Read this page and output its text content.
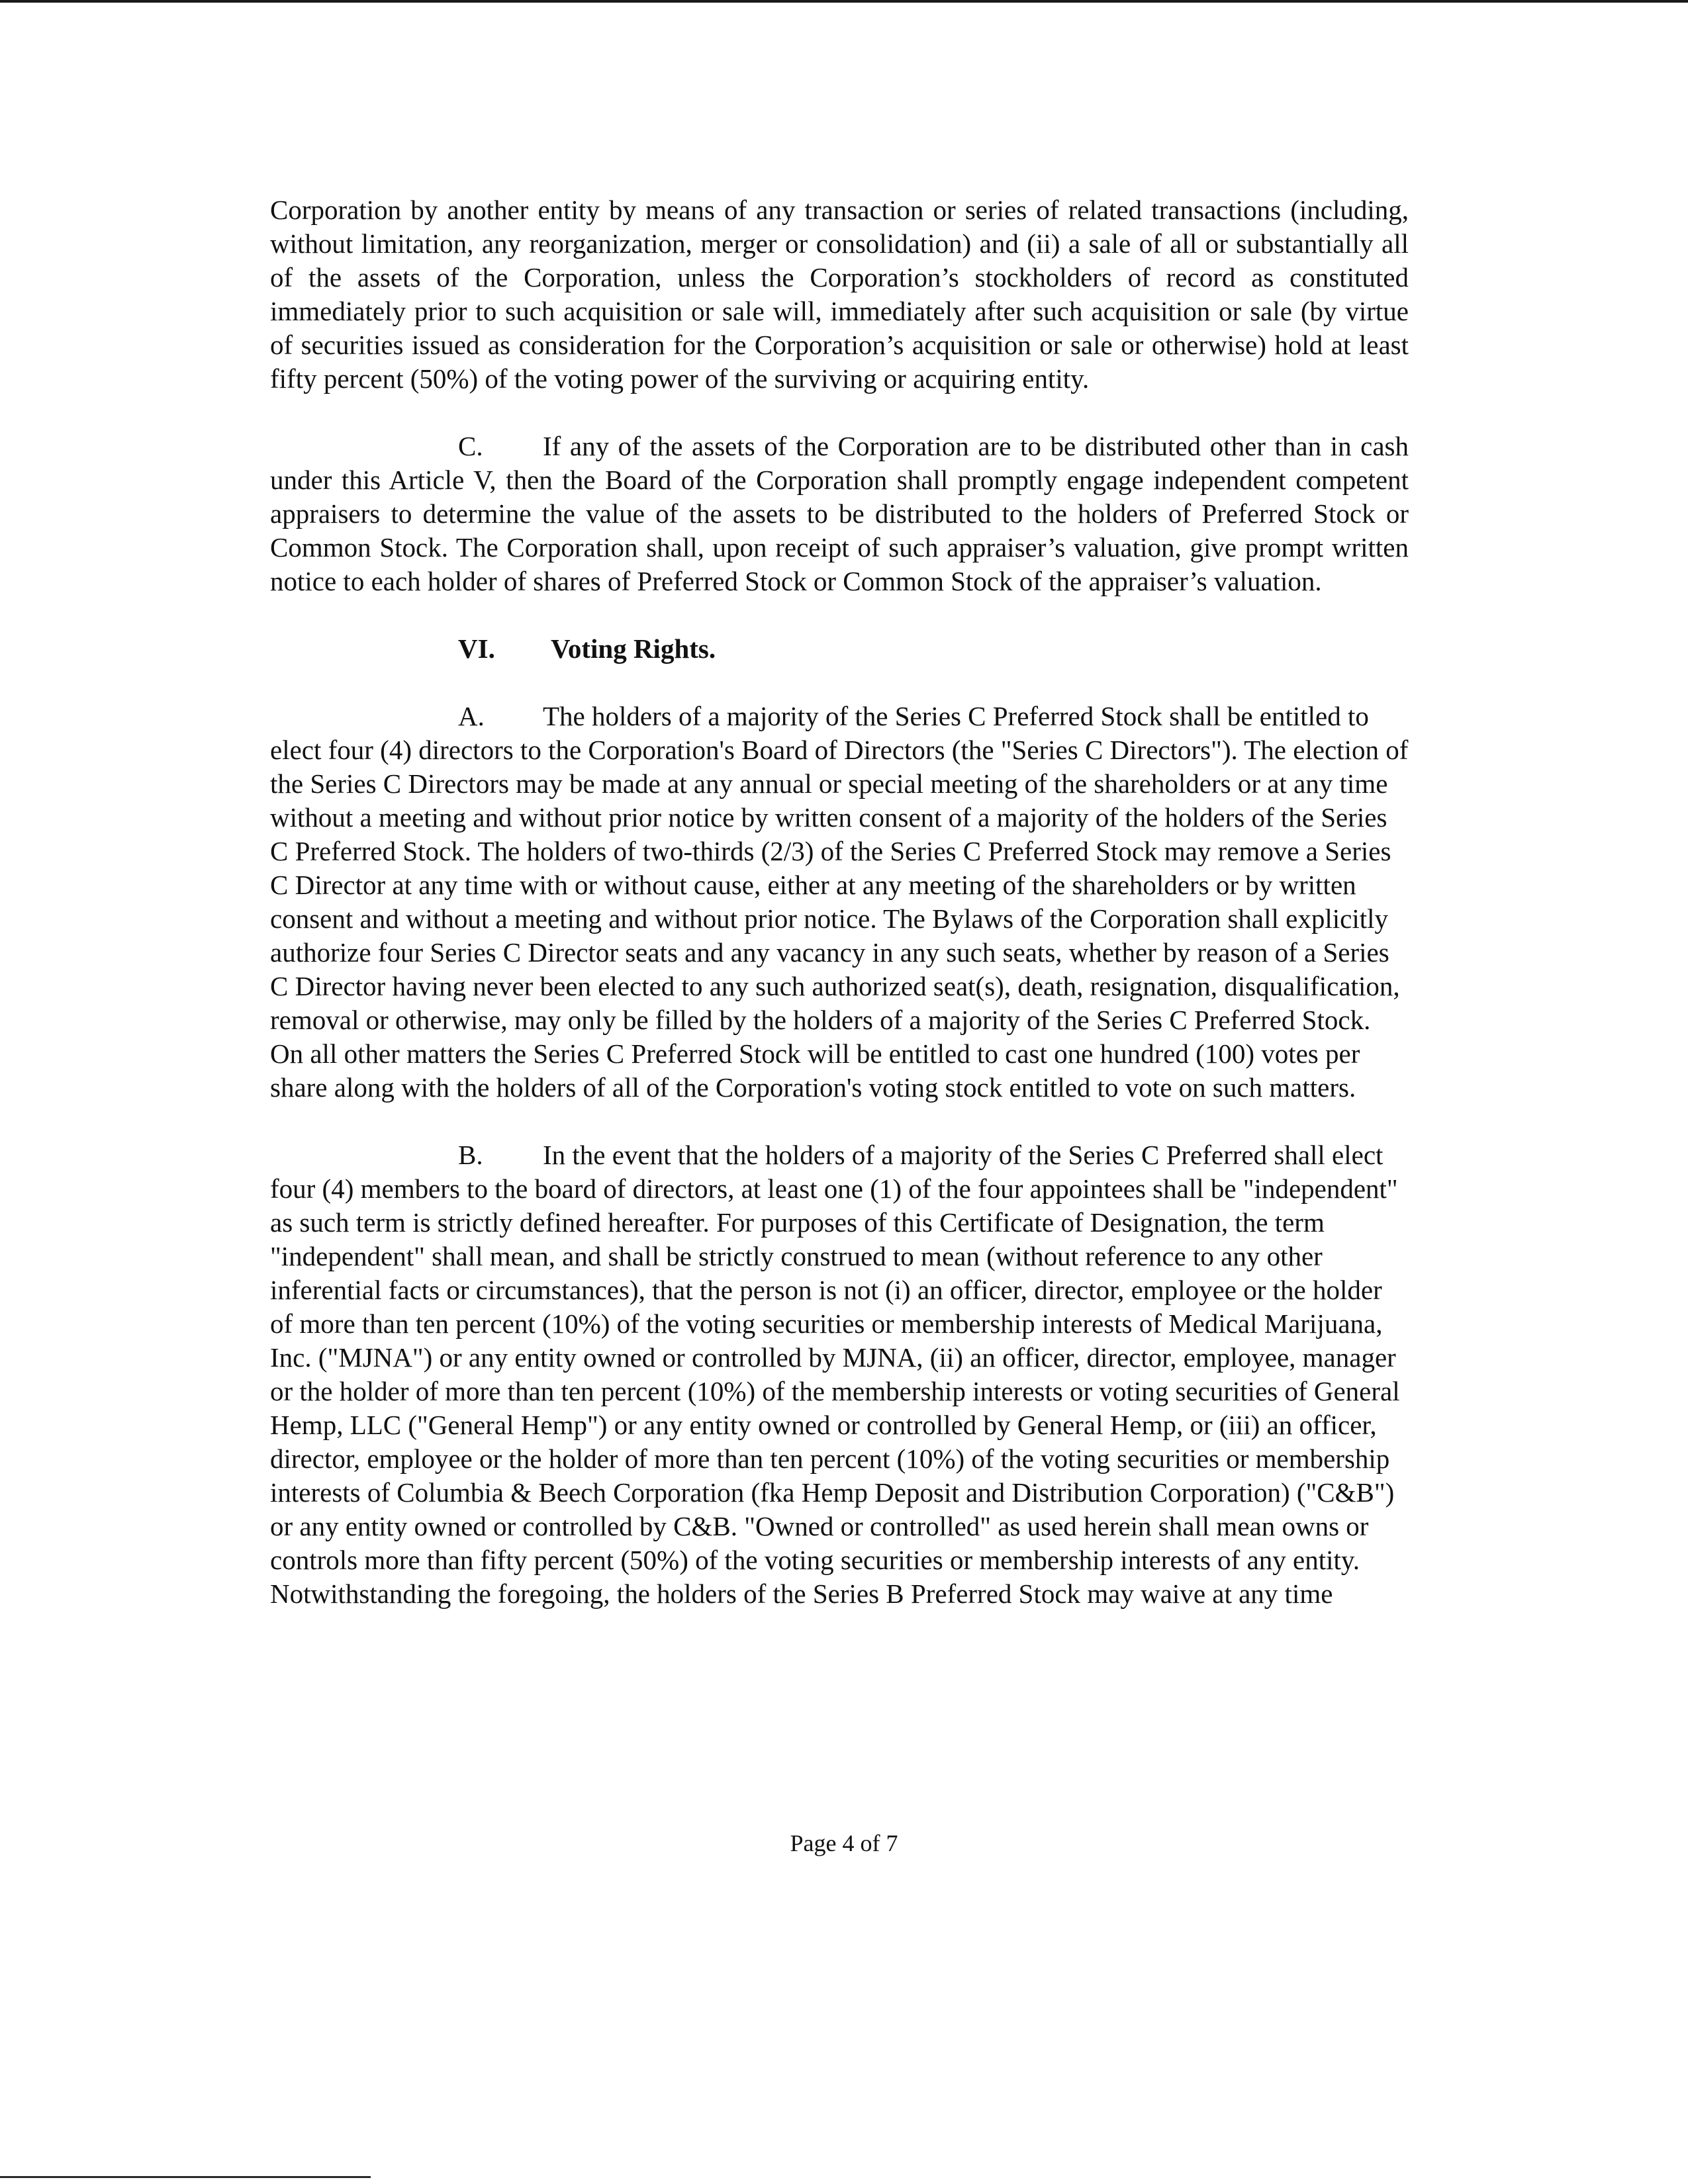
Corporation by another entity by means of any transaction or series of related transactions (including, without limitation, any reorganization, merger or consolidation) and (ii) a sale of all or substantially all of the assets of the Corporation, unless the Corporation’s stockholders of record as constituted immediately prior to such acquisition or sale will, immediately after such acquisition or sale (by virtue of securities issued as consideration for the Corporation’s acquisition or sale or otherwise) hold at least fifty percent (50%) of the voting power of the surviving or acquiring entity.

C. If any of the assets of the Corporation are to be distributed other than in cash under this Article V, then the Board of the Corporation shall promptly engage independent competent appraisers to determine the value of the assets to be distributed to the holders of Preferred Stock or Common Stock. The Corporation shall, upon receipt of such appraiser’s valuation, give prompt written notice to each holder of shares of Preferred Stock or Common Stock of the appraiser’s valuation.

VI. Voting Rights.

A. The holders of a majority of the Series C Preferred Stock shall be entitled to elect four (4) directors to the Corporation's Board of Directors (the "Series C Directors"). The election of the Series C Directors may be made at any annual or special meeting of the shareholders or at any time without a meeting and without prior notice by written consent of a majority of the holders of the Series C Preferred Stock. The holders of two-thirds (2/3) of the Series C Preferred Stock may remove a Series C Director at any time with or without cause, either at any meeting of the shareholders or by written consent and without a meeting and without prior notice. The Bylaws of the Corporation shall explicitly authorize four Series C Director seats and any vacancy in any such seats, whether by reason of a Series C Director having never been elected to any such authorized seat(s), death, resignation, disqualification, removal or otherwise, may only be filled by the holders of a majority of the Series C Preferred Stock. On all other matters the Series C Preferred Stock will be entitled to cast one hundred (100) votes per share along with the holders of all of the Corporation's voting stock entitled to vote on such matters.

B. In the event that the holders of a majority of the Series C Preferred shall elect four (4) members to the board of directors, at least one (1) of the four appointees shall be "independent" as such term is strictly defined hereafter. For purposes of this Certificate of Designation, the term "independent" shall mean, and shall be strictly construed to mean (without reference to any other inferential facts or circumstances), that the person is not (i) an officer, director, employee or the holder of more than ten percent (10%) of the voting securities or membership interests of Medical Marijuana, Inc. ("MJNA") or any entity owned or controlled by MJNA, (ii) an officer, director, employee, manager or the holder of more than ten percent (10%) of the membership interests or voting securities of General Hemp, LLC ("General Hemp") or any entity owned or controlled by General Hemp, or (iii) an officer, director, employee or the holder of more than ten percent (10%) of the voting securities or membership interests of Columbia & Beech Corporation (fka Hemp Deposit and Distribution Corporation) ("C&B") or any entity owned or controlled by C&B. "Owned or controlled" as used herein shall mean owns or controls more than fifty percent (50%) of the voting securities or membership interests of any entity. Notwithstanding the foregoing, the holders of the Series B Preferred Stock may waive at any time

Page 4 of 7
